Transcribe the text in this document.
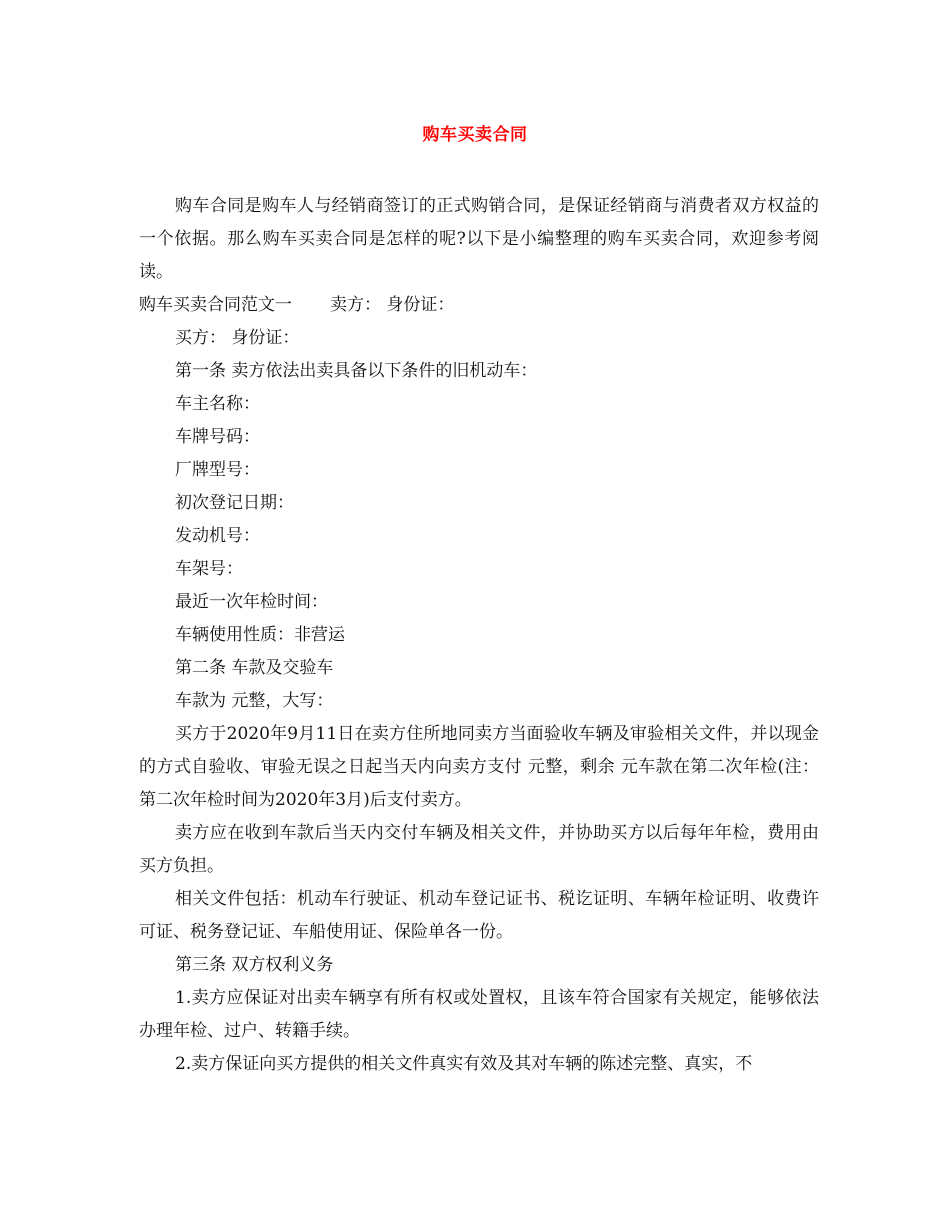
购车买卖合同

购车合同是购车人与经销商签订的正式购销合同，是保证经销商与消费者双方权益的一个依据。那么购车买卖合同是怎样的呢?以下是小编整理的购车买卖合同，欢迎参考阅读。

购车买卖合同范文一 卖方： 身份证：

买方： 身份证：

第一条 卖方依法出卖具备以下条件的旧机动车：

车主名称：

车牌号码：

厂牌型号：

初次登记日期：

发动机号：

车架号：

最近一次年检时间：

车辆使用性质：非营运

第二条 车款及交验车

车款为 元整，大写：

买方于2020年9月11日在卖方住所地同卖方当面验收车辆及审验相关文件，并以现金的方式自验收、审验无误之日起当天内向卖方支付 元整，剩余 元车款在第二次年检(注：第二次年检时间为2020年3月)后支付卖方。

卖方应在收到车款后当天内交付车辆及相关文件，并协助买方以后每年年检，费用由买方负担。

相关文件包括：机动车行驶证、机动车登记证书、税讫证明、车辆年检证明、收费许可证、税务登记证、车船使用证、保险单各一份。

第三条 双方权利义务

1.卖方应保证对出卖车辆享有所有权或处置权，且该车符合国家有关规定，能够依法办理年检、过户、转籍手续。

2.卖方保证向买方提供的相关文件真实有效及其对车辆的陈述完整、真实，不
